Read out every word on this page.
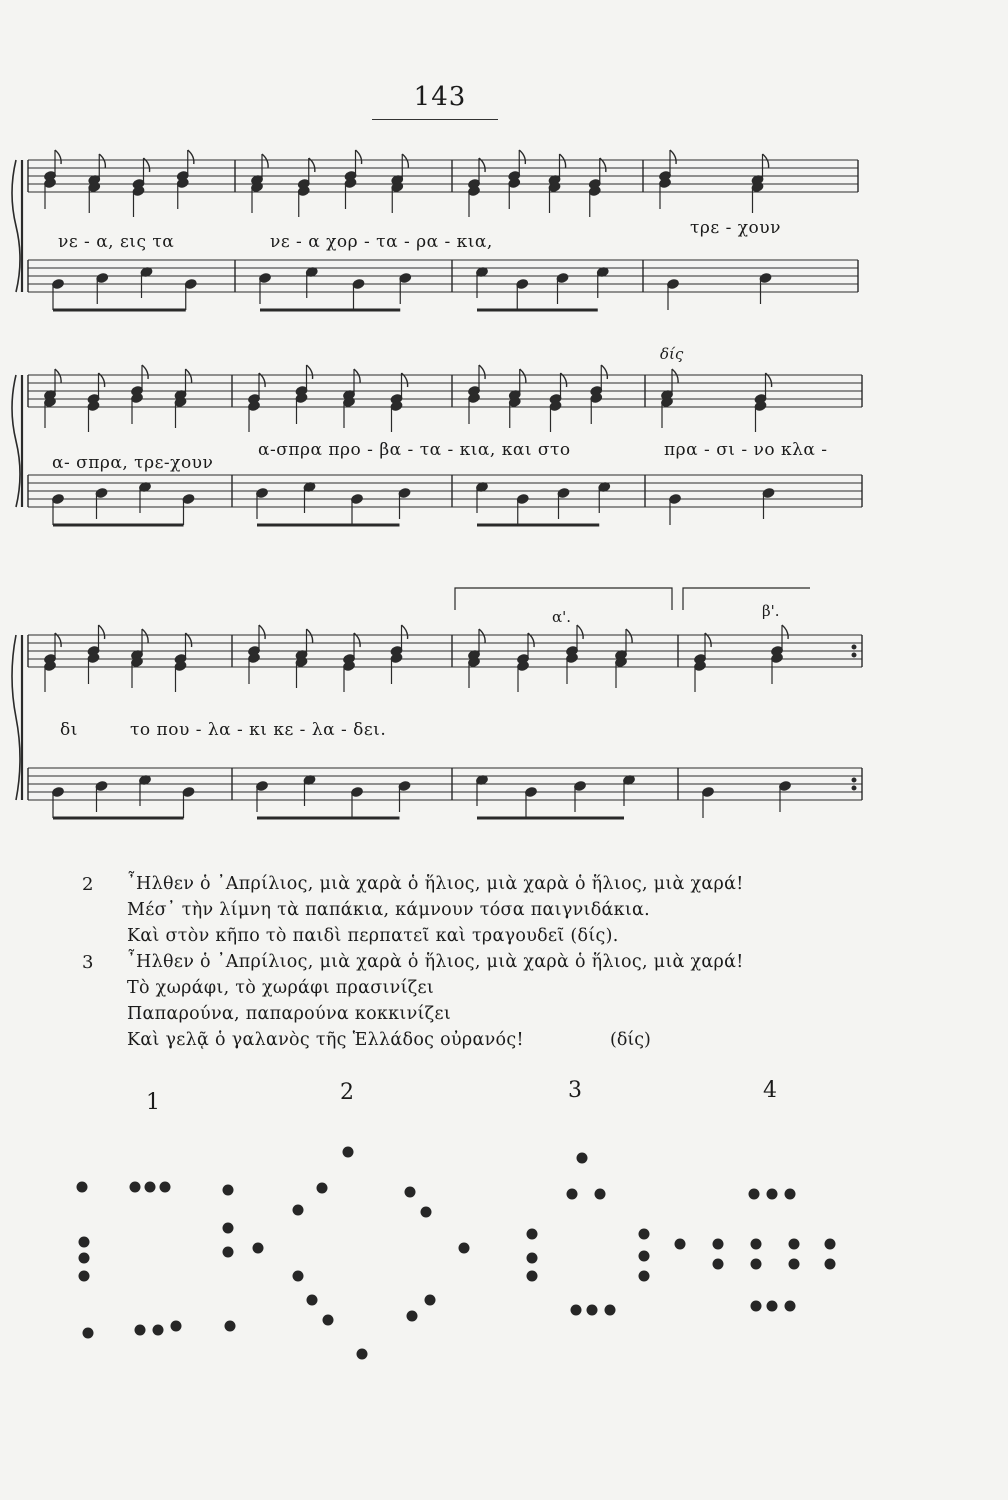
143
νε - α, εις τα	νε - α χορ - τα - ρα - κια,
τρε - χουν
δίς
α- σπρα, τρε-χουν
α-σπρα προ - βα - τα - κια, και στο	πρα - σι - νο κλα -
α'.	β'.
δι	το που - λα - κι κε - λα - δει.
2 ῏Ηλθεν ὁ ᾿Απρίλιος, μιὰ χαρὰ ὁ ἥλιος, μιὰ χαρὰ ὁ ἥλιος, μιὰ χαρά!
Μέσ᾿ τὴν λίμνη τὰ παπάκια, κάμνουν τόσα παιγνιδάκια.
Καὶ στὸν κῆπο τὸ παιδὶ περπατεῖ καὶ τραγουδεῖ (δίς).
3 ῏Ηλθεν ὁ ᾿Απρίλιος, μιὰ χαρὰ ὁ ἥλιος, μιὰ χαρὰ ὁ ἥλιος, μιὰ χαρά!
Τὸ χωράφι, τὸ χωράφι πρασινίζει
Παπαρούνα, παπαρούνα κοκκινίζει
Καὶ γελᾷ ὁ γαλανὸς τῆς Ἑλλάδος οὐρανός!	(δίς)
1	2	3	4
